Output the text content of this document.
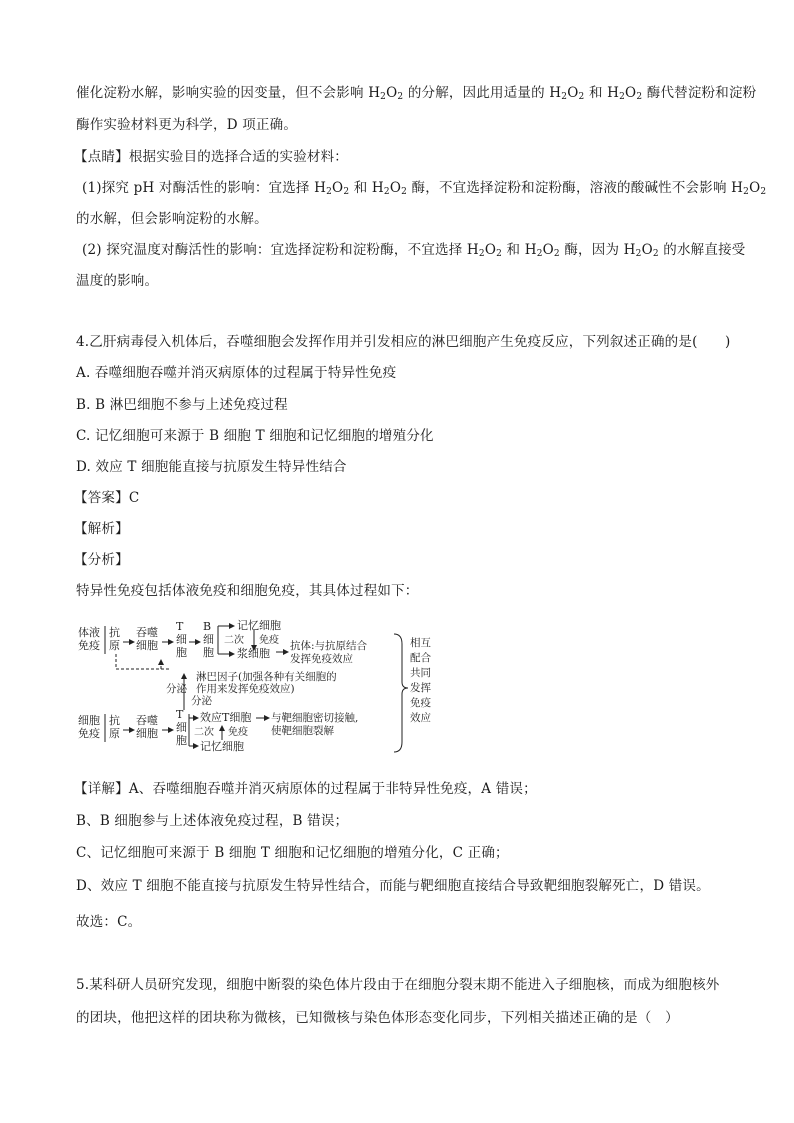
催化淀粉水解，影响实验的因变量，但不会影响 $H_2O_2$ 的分解，因此用适量的 $H_2O_2$ 和 $H_2O_2$ 酶代替淀粉和淀粉
酶作实验材料更为科学，D 项正确。
【点睛】根据实验目的选择合适的实验材料：
(1)探究 pH 对酶活性的影响：宜选择 $H_2O_2$ 和 $H_2O_2$ 酶，不宜选择淀粉和淀粉酶，溶液的酸碱性不会影响 $H_2O_2$
的水解，但会影响淀粉的水解。
(2) 探究温度对酶活性的影响：宜选择淀粉和淀粉酶，不宜选择 $H_2O_2$ 和 $H_2O_2$ 酶，因为 $H_2O_2$ 的水解直接受
温度的影响。
4.乙肝病毒侵入机体后，吞噬细胞会发挥作用并引发相应的淋巴细胞产生免疫反应，下列叙述正确的是(　　)
A. 吞噬细胞吞噬并消灭病原体的过程属于特异性免疫
B. B 淋巴细胞不参与上述免疫过程
C. 记忆细胞可来源于 B 细胞 T 细胞和记忆细胞的增殖分化
D. 效应 T 细胞能直接与抗原发生特异性结合
【答案】C
【解析】
【分析】
特异性免疫包括体液免疫和细胞免疫，其具体过程如下：
体液
免疫
抗
原
吞噬
细胞
T
细
胞
B
细
胞
记忆细胞
二次 免疫
浆细胞
抗体:与抗原结合
发挥免疫效应
分泌
淋巴因子(加强各种有关细胞的
作用来发挥免疫效应)
分泌
细胞
免疫
抗
原
吞噬
细胞
T
细
胞
效应T细胞 与靶细胞密切接触,
使靶细胞裂解
二次 免疫
记忆细胞
相互
配合
共同
发挥
免疫
效应
【详解】A、吞噬细胞吞噬并消灭病原体的过程属于非特异性免疫，A 错误；
B、B 细胞参与上述体液免疫过程，B 错误；
C、记忆细胞可来源于 B 细胞 T 细胞和记忆细胞的增殖分化，C 正确；
D、效应 T 细胞不能直接与抗原发生特异性结合，而能与靶细胞直接结合导致靶细胞裂解死亡，D 错误。
故选：C。
5.某科研人员研究发现，细胞中断裂的染色体片段由于在细胞分裂末期不能进入子细胞核，而成为细胞核外
的团块，他把这样的团块称为微核，已知微核与染色体形态变化同步，下列相关描述正确的是（　）
